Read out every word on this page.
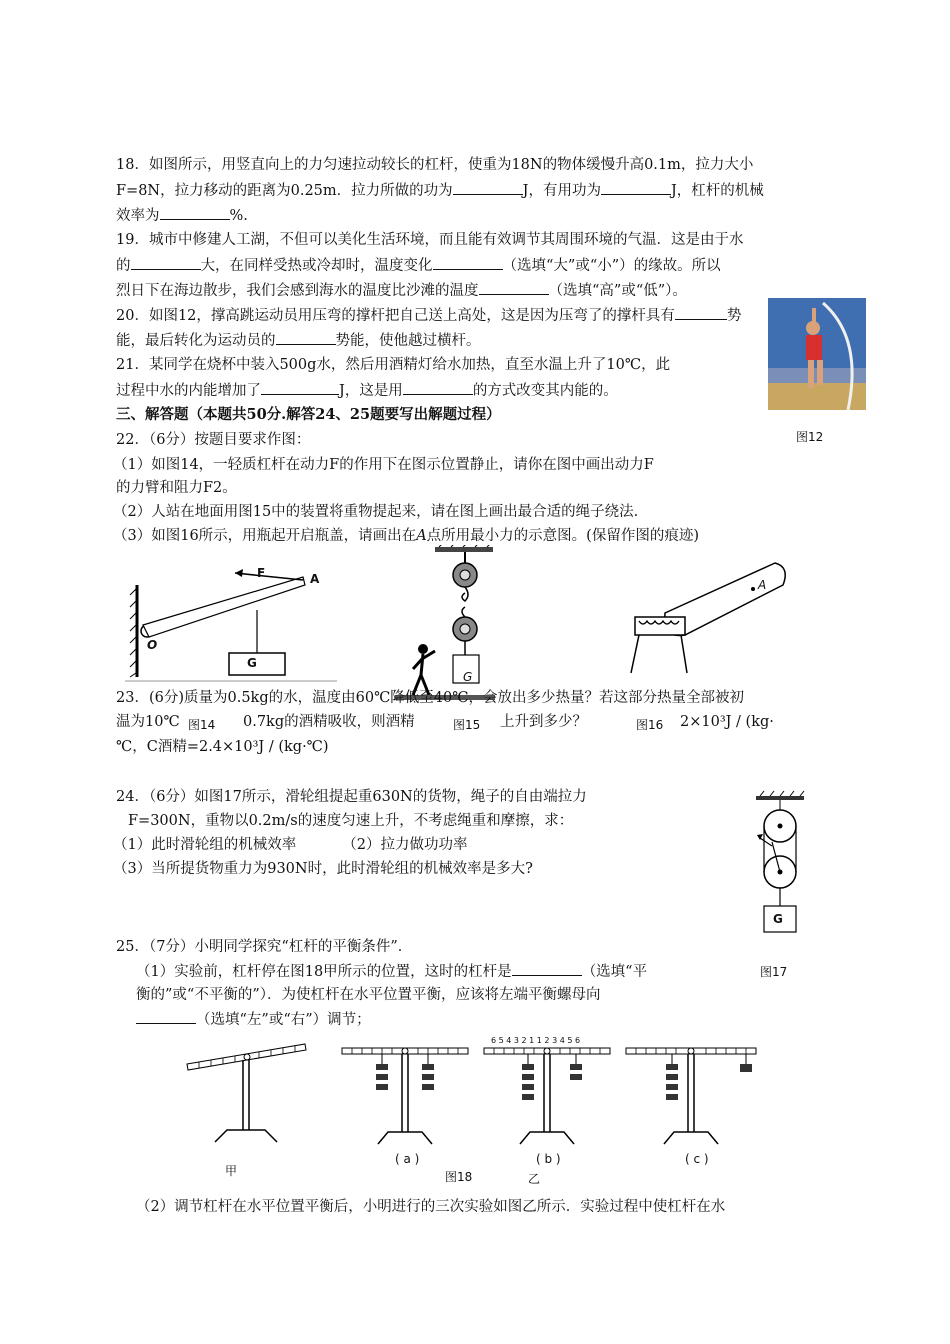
18．如图所示，用竖直向上的力匀速拉动较长的杠杆，使重为18N的物体缓慢升高0.1m，拉力大小
F=8N，拉力移动的距离为0.25m．拉力所做的功为	J，有用功为	J，杠杆的机械
效率为	%.
19．城市中修建人工湖，不但可以美化生活环境，而且能有效调节其周围环境的气温．这是由于水
的	大，在同样受热或冷却时，温度变化	（选填“大”或“小”）的缘故。所以
烈日下在海边散步，我们会感到海水的温度比沙滩的温度	（选填“高”或“低”）。
20．如图12，撑高跳运动员用压弯的撑杆把自己送上高处，这是因为压弯了的撑杆具有	势
能，最后转化为运动员的	势能，使他越过横杆。
21．某同学在烧杯中装入500g水，然后用酒精灯给水加热，直至水温上升了10℃，此
过程中水的内能增加了	J，这是用	的方式改变其内能的。
图12
三、解答题（本题共50分.解答24、25题要写出解题过程）
22．（6分）按题目要求作图：
（1）如图14，一轻质杠杆在动力F的作用下在图示位置静止，请你在图中画出动力F
的力臂和阻力F2。
（2）人站在地面用图15中的装置将重物提起来，请在图上画出最合适的绳子绕法.
（3）如图16所示，用瓶起开启瓶盖，请画出在A点所用最小力的示意图。(保留作图的痕迹)
F	A
O
G
图14
G
图15
A
图16
23．(6分)质量为0.5kg的水，温度由60℃降低至40℃，会放出多少热量？若这部分热量全部被初
温为10℃	0.7kg的酒精吸收，则酒精	上升到多少？	2×10³J / (kg·
℃，C酒精=2.4×10³J / (kg·℃)
24．（6分）如图17所示，滑轮组提起重630N的货物，绳子的自由端拉力
F=300N，重物以0.2m/s的速度匀速上升，不考虑绳重和摩擦，求：
（1）此时滑轮组的机械效率	（2）拉力做功功率
（3）当所提货物重力为930N时，此时滑轮组的机械效率是多大?
G
图17
25．（7分）小明同学探究“杠杆的平衡条件”．
（1）实验前，杠杆停在图18甲所示的位置，这时的杠杆是	（选填“平
衡的”或“不平衡的”）．为使杠杆在水平位置平衡，应该将左端平衡螺母向
（选填“左”或“右”）调节；
甲
( a )
6 5 4 3 2 1 1 2 3 4 5 6
( b )	( c )
图18	乙
（2）调节杠杆在水平位置平衡后，小明进行的三次实验如图乙所示．实验过程中使杠杆在水
